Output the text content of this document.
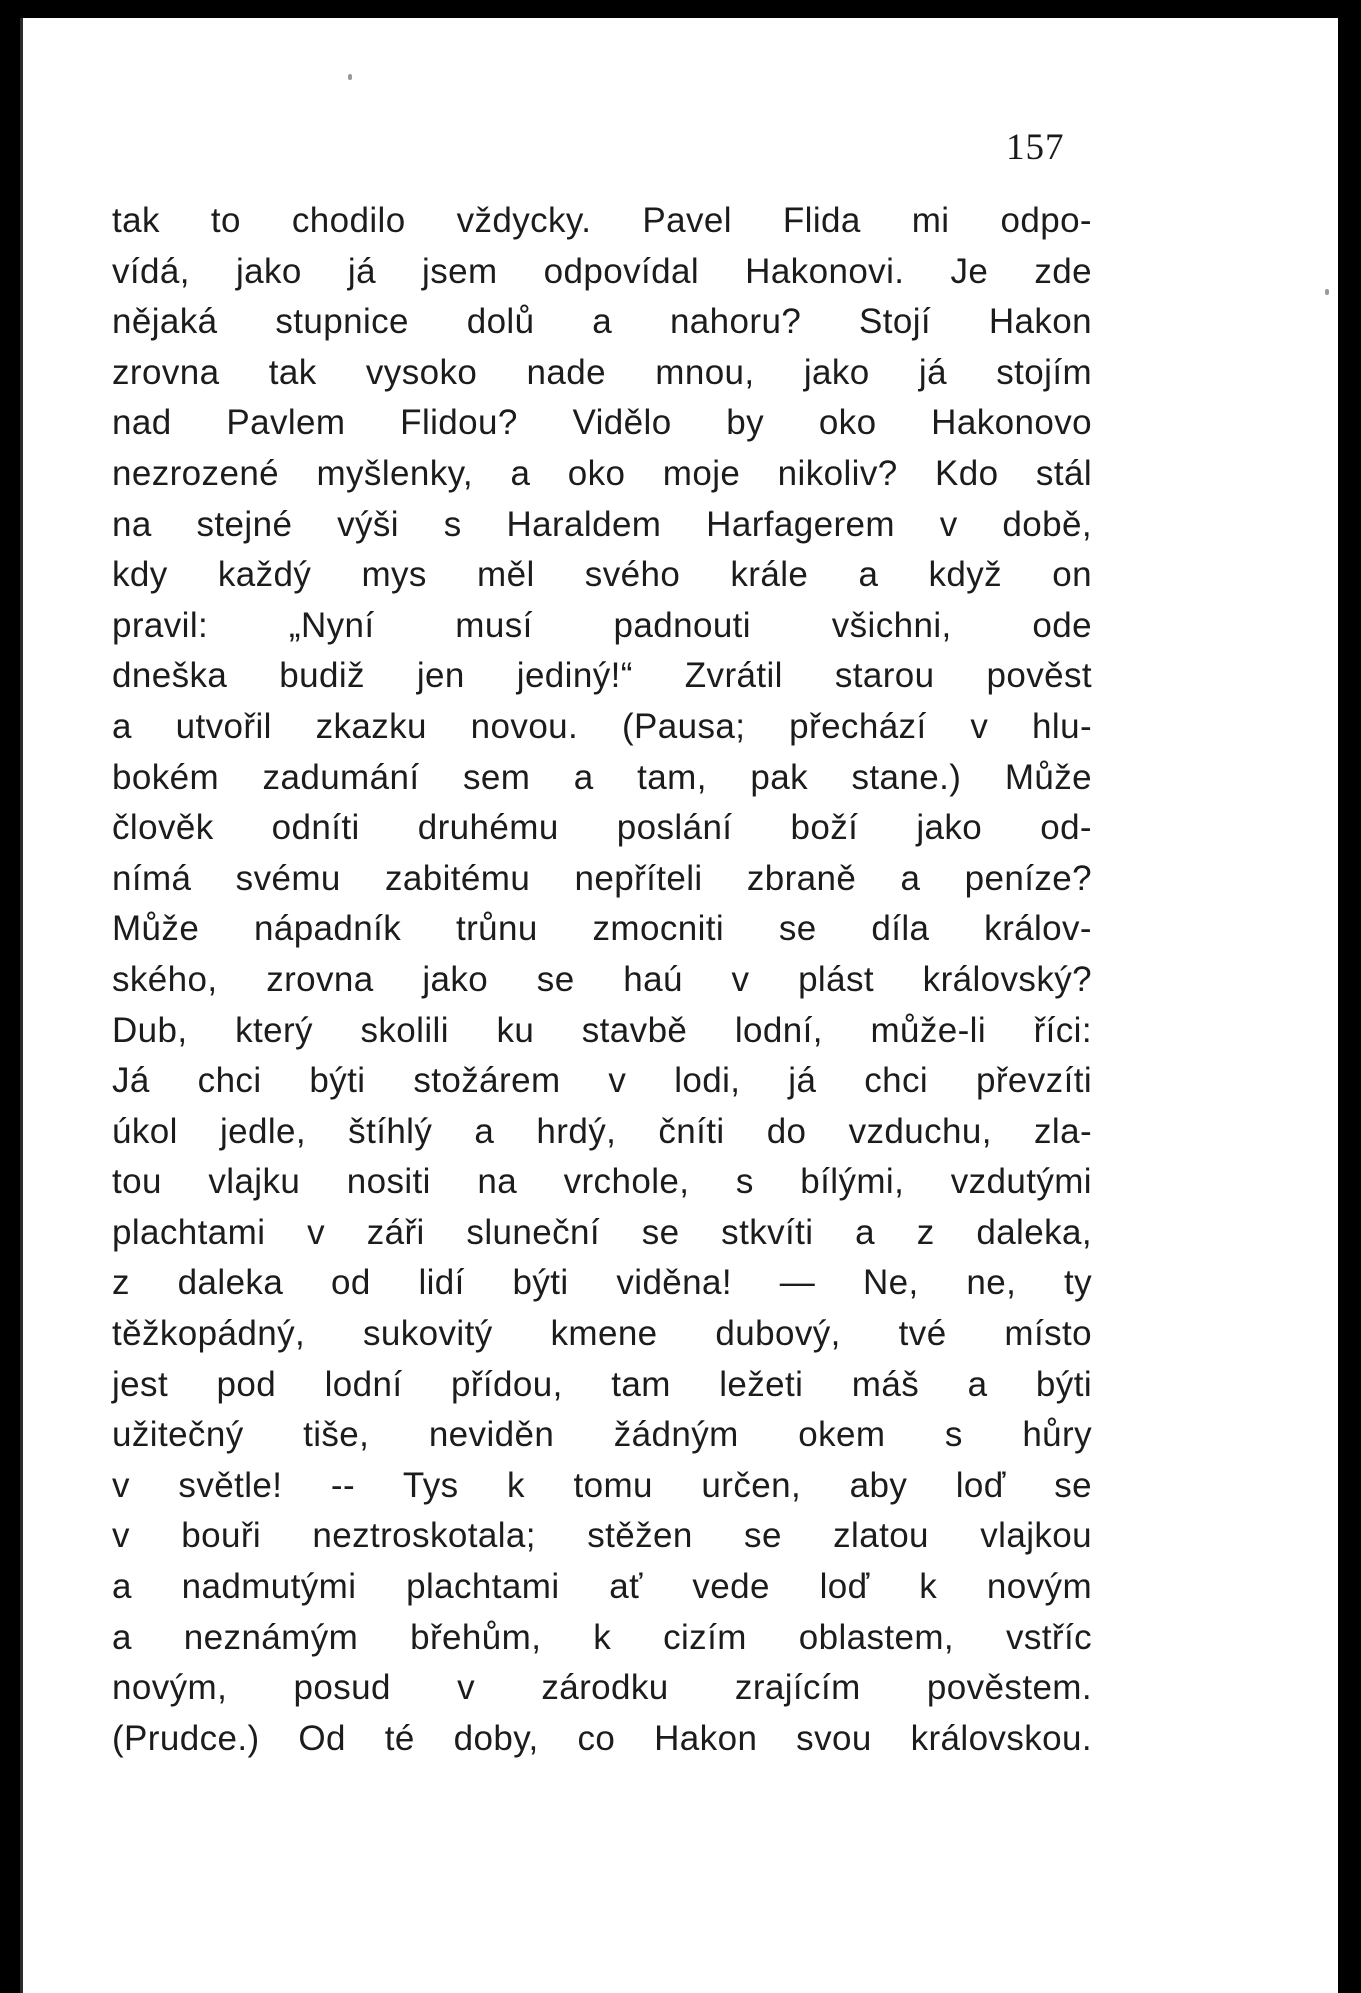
157
tak to chodilo vždycky. Pavel Flida mi odpo-
vídá, jako já jsem odpovídal Hakonovi. Je zde
nějaká stupnice dolů a nahoru? Stojí Hakon
zrovna tak vysoko nade mnou, jako já stojím
nad Pavlem Flidou? Vidělo by oko Hakonovo
nezrozené myšlenky, a oko moje nikoliv? Kdo stál
na stejné výši s Haraldem Harfagerem v době,
kdy každý mys měl svého krále a když on
pravil: „Nyní musí padnouti všichni, ode
dneška budiž jen jediný!“ Zvrátil starou pověst
a utvořil zkazku novou. (Pausa; přechází v hlu-
bokém zadumání sem a tam, pak stane.) Může
člověk odníti druhému poslání boží jako od-
nímá svému zabitému nepříteli zbraně a peníze?
Může nápadník trůnu zmocniti se díla králov-
ského, zrovna jako se haú v plást královský?
Dub, který skolili ku stavbě lodní, může-li říci:
Já chci býti stožárem v lodi, já chci převzíti
úkol jedle, štíhlý a hrdý, čníti do vzduchu, zla-
tou vlajku nositi na vrchole, s bílými, vzdutými
plachtami v záři sluneční se stkvíti a z daleka,
z daleka od lidí býti viděna! — Ne, ne, ty
těžkopádný, sukovitý kmene dubový, tvé místo
jest pod lodní přídou, tam ležeti máš a býti
užitečný tiše, neviděn žádným okem s hůry
v světle! -- Tys k tomu určen, aby loď se
v bouři neztroskotala; stěžen se zlatou vlajkou
a nadmutými plachtami ať vede loď k novým
a neznámým břehům, k cizím oblastem, vstříc
novým, posud v zárodku zrajícím pověstem.
(Prudce.) Od té doby, co Hakon svou královskou.
